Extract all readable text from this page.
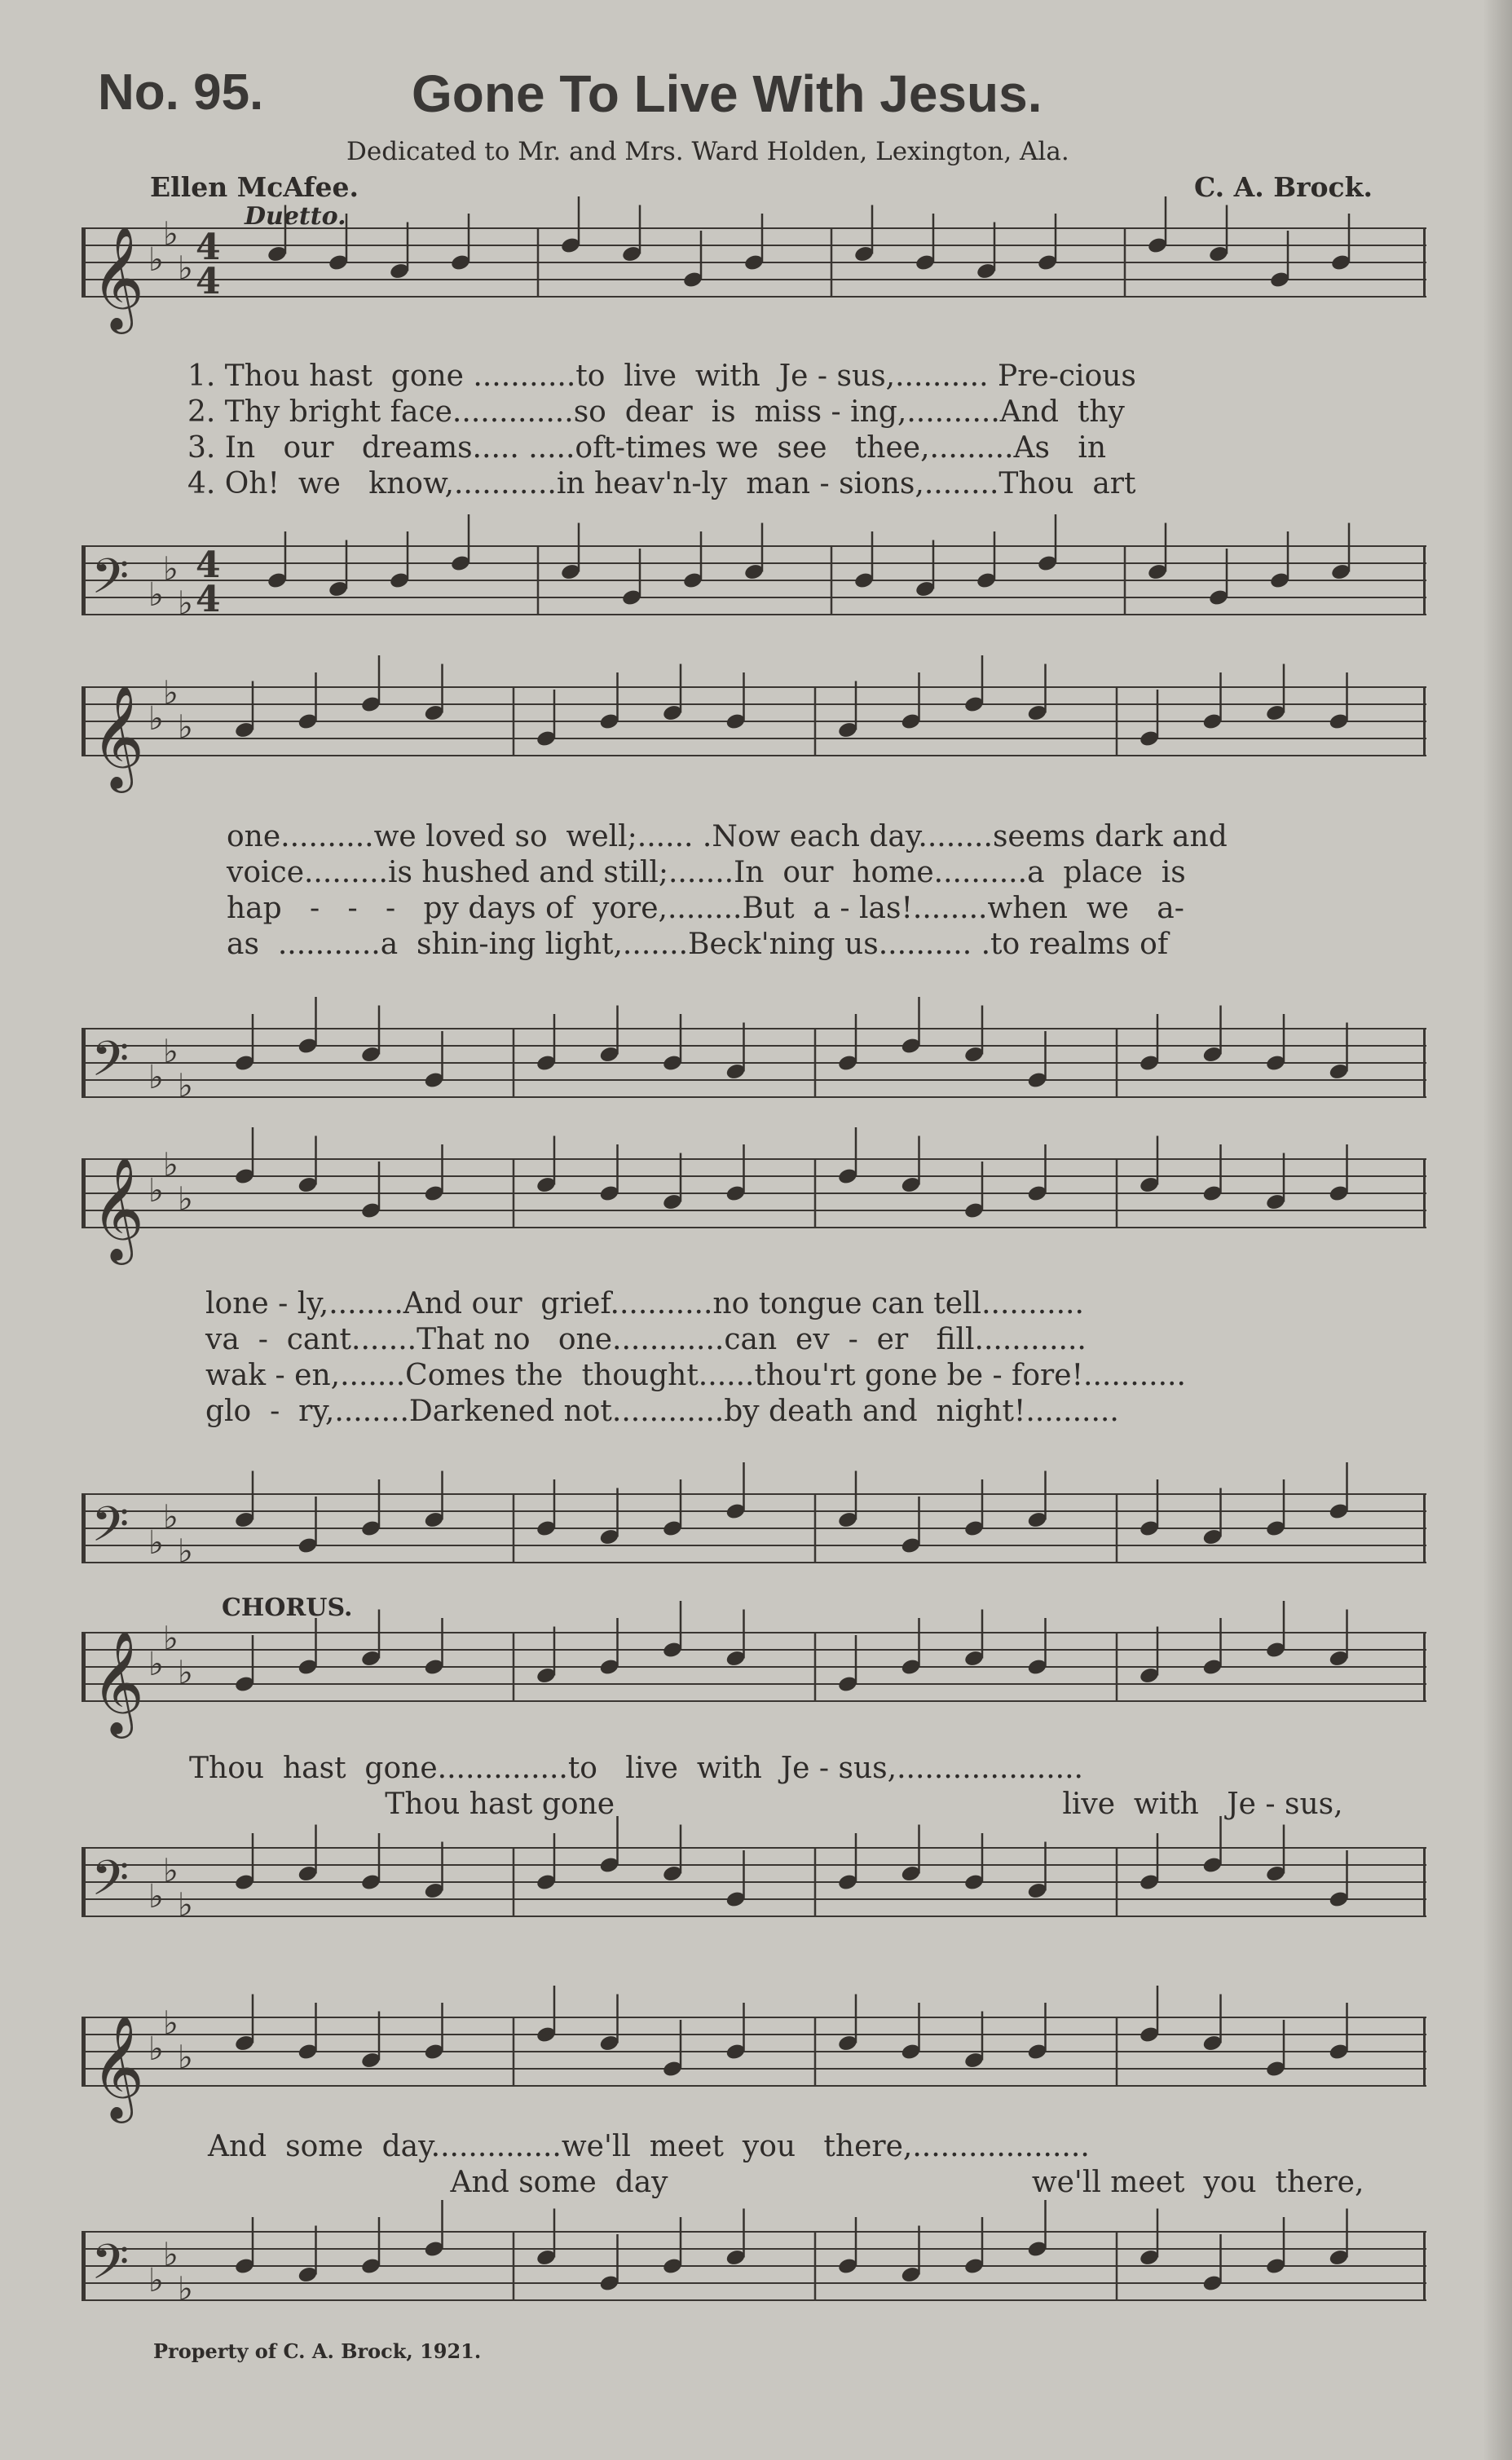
No. 95.	Gone To Live With Jesus.
Dedicated to Mr. and Mrs. Ward Holden, Lexington, Ala.
Ellen McAfee.	C. A. Brock.
Duetto.
CHORUS.
𝄞 ♭
♭
♭
4
4
𝄢 ♭
♭
♭
4
4
1. Thou hast  gone ...........to  live  with  Je - sus,.......... Pre-cious
2. Thy bright face.............so  dear  is  miss - ing,..........And  thy
3. In   our   dreams..... .....oft-times we  see   thee,.........As   in
4. Oh!  we   know,...........in heav'n-ly  man - sions,........Thou  art
𝄞 ♭
♭
♭
𝄢 ♭
♭
♭
one..........we loved so  well;...... .Now each day........seems dark and
voice.........is hushed and still;.......In  our  home..........a  place  is
hap   -   -   -   py days of  yore,........But  a - las!........when  we   a-
as  ...........a  shin-ing light,.......Beck'ning us.......... .to realms of
𝄞 ♭
♭
♭
𝄢 ♭
♭
♭
lone - ly,........And our  grief...........no tongue can tell...........
va  -  cant.......That no   one............can  ev  -  er   fill............
wak - en,.......Comes the  thought......thou'rt gone be - fore!...........
glo  -  ry,........Darkened not............by death and  night!..........
𝄞 ♭
♭
♭
𝄢 ♭
♭
♭
Thou  hast  gone..............to   live  with  Je - sus,....................
Thou hast gone                                                live  with   Je - sus,
𝄞 ♭
♭
♭
𝄢 ♭
♭
♭
And  some  day..............we'll  meet  you   there,...................
And some  day                                       we'll meet  you  there,
Property of C. A. Brock, 1921.
